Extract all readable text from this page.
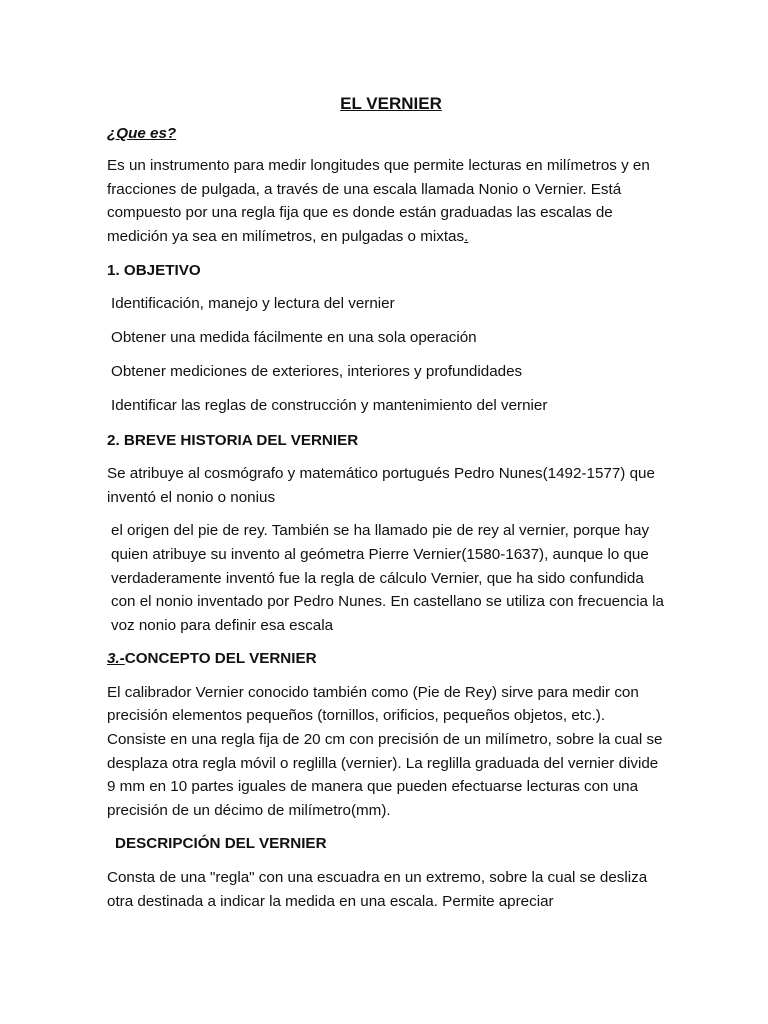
EL VERNIER
¿Que es?

Es un instrumento para medir longitudes que permite lecturas en milímetros y en fracciones de pulgada, a través de una escala llamada Nonio o Vernier. Está compuesto por una regla fija que es donde están graduadas las escalas de medición ya sea en milímetros, en pulgadas o mixtas.

1. OBJETIVO
Identificación, manejo y lectura del vernier
Obtener una medida fácilmente en una sola operación
Obtener mediciones de exteriores, interiores y profundidades
Identificar las reglas de construcción y mantenimiento del vernier
2. BREVE HISTORIA DEL VERNIER

Se atribuye al cosmógrafo y matemático portugués Pedro Nunes(1492-1577) que inventó el nonio o nonius

el origen del pie de rey. También se ha llamado pie de rey al vernier, porque hay quien atribuye su invento al geómetra Pierre Vernier(1580-1637), aunque lo que verdaderamente inventó fue la regla de cálculo Vernier, que ha sido confundida con el nonio inventado por Pedro Nunes. En castellano se utiliza con frecuencia la voz nonio para definir esa escala

3.-CONCEPTO DEL VERNIER

El calibrador Vernier conocido también como (Pie de Rey) sirve para medir con precisión elementos pequeños (tornillos, orificios, pequeños objetos, etc.). Consiste en una regla fija de 20 cm con precisión de un milímetro, sobre la cual se desplaza otra regla móvil o reglilla (vernier). La reglilla graduada del vernier divide 9 mm en 10 partes iguales de manera que pueden efectuarse lecturas con una precisión de un décimo de milímetro(mm).

DESCRIPCIÓN DEL VERNIER

Consta de una "regla" con una escuadra en un extremo, sobre la cual se desliza otra destinada a indicar la medida en una escala. Permite apreciar
